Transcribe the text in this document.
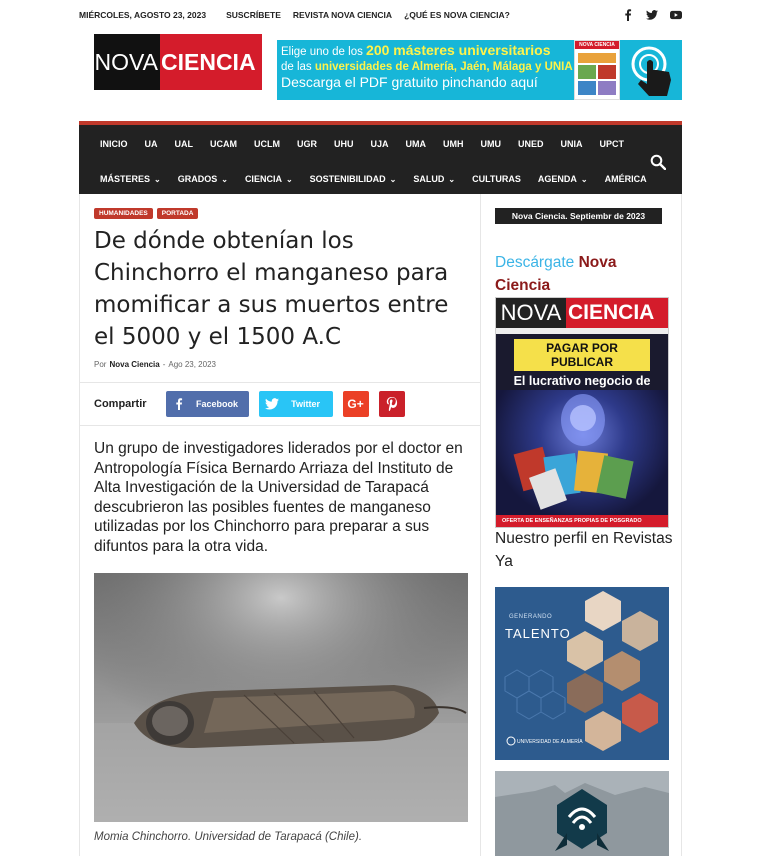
MIÉRCOLES, AGOSTO 23, 2023 SUSCRÍBETE REVISTA NOVA CIENCIA ¿QUÉ ES NOVA CIENCIA?
NOVA CIENCIA	Elige uno de los 200 másteres universitarios
de las universidades de Almería, Jaén, Málaga y UNIA
Descarga el PDF gratuito pinchando aquí
NOVA CIENCIA
INICIO UA UAL UCAM UCLM UGR UHU UJA UMA UMH UMU UNED UNIA UPCT
MÁSTERES ⌄ GRADOS ⌄ CIENCIA ⌄ SOSTENIBILIDAD ⌄ SALUD ⌄ CULTURAS AGENDA ⌄ AMÉRICA
HUMANIDADES	PORTADA
De dónde obtenían los Chinchorro el manganeso para momificar a sus muertos entre el 5000 y el 1500 A.C
Por Nova Ciencia - Ago 23, 2023
Compartir	Facebook	Twitter	G+

Un grupo de investigadores liderados por el doctor en Antropología Física Bernardo Arriaza del Instituto de Alta Investigación de la Universidad de Tarapacá descubrieron las posibles fuentes de manganeso utilizadas por los Chinchorro para preparar a sus difuntos para la otra vida.

Momia Chinchorro. Universidad de Tarapacá (Chile).
Nova Ciencia. Septiembr de 2023
Descárgate Nova Ciencia
NOVA CIENCIA
PAGAR POR PUBLICAR
El lucrativo negocio de
OFERTA DE ENSEÑANZAS PROPIAS DE POSGRADO
Nuestro perfil en Revistas Ya
GENERANDO
TALENTO
UNIVERSIDAD DE ALMERÍA
